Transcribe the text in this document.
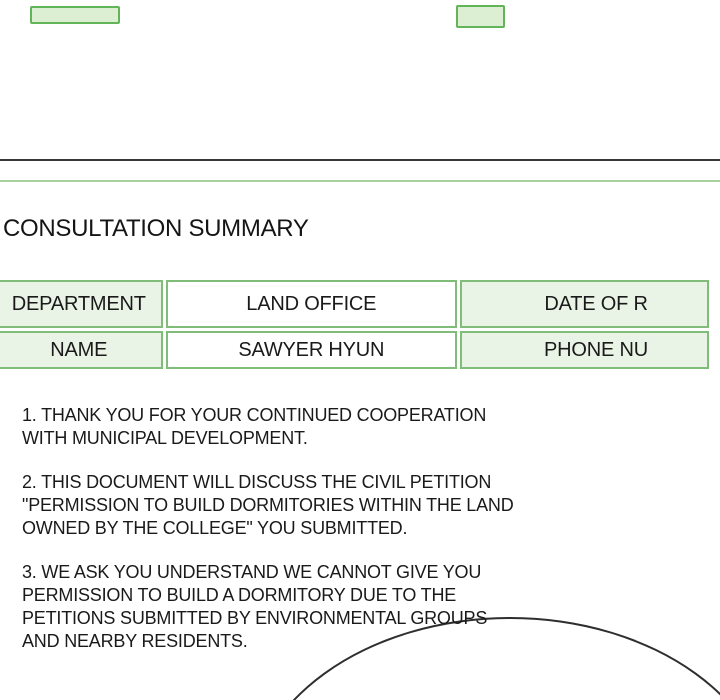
CONSULTATION SUMMARY
DEPARTMENT	LAND OFFICE	DATE OF R
NAME	SAWYER HYUN	PHONE NU

1. THANK YOU FOR YOUR CONTINUED COOPERATION
WITH MUNICIPAL DEVELOPMENT.

2. THIS DOCUMENT WILL DISCUSS THE CIVIL PETITION
"PERMISSION TO BUILD DORMITORIES WITHIN THE LAND
OWNED BY THE COLLEGE" YOU SUBMITTED.

3. WE ASK YOU UNDERSTAND WE CANNOT GIVE YOU
PERMISSION TO BUILD A DORMITORY DUE TO THE
PETITIONS SUBMITTED BY ENVIRONMENTAL GROUPS
AND NEARBY RESIDENTS.
